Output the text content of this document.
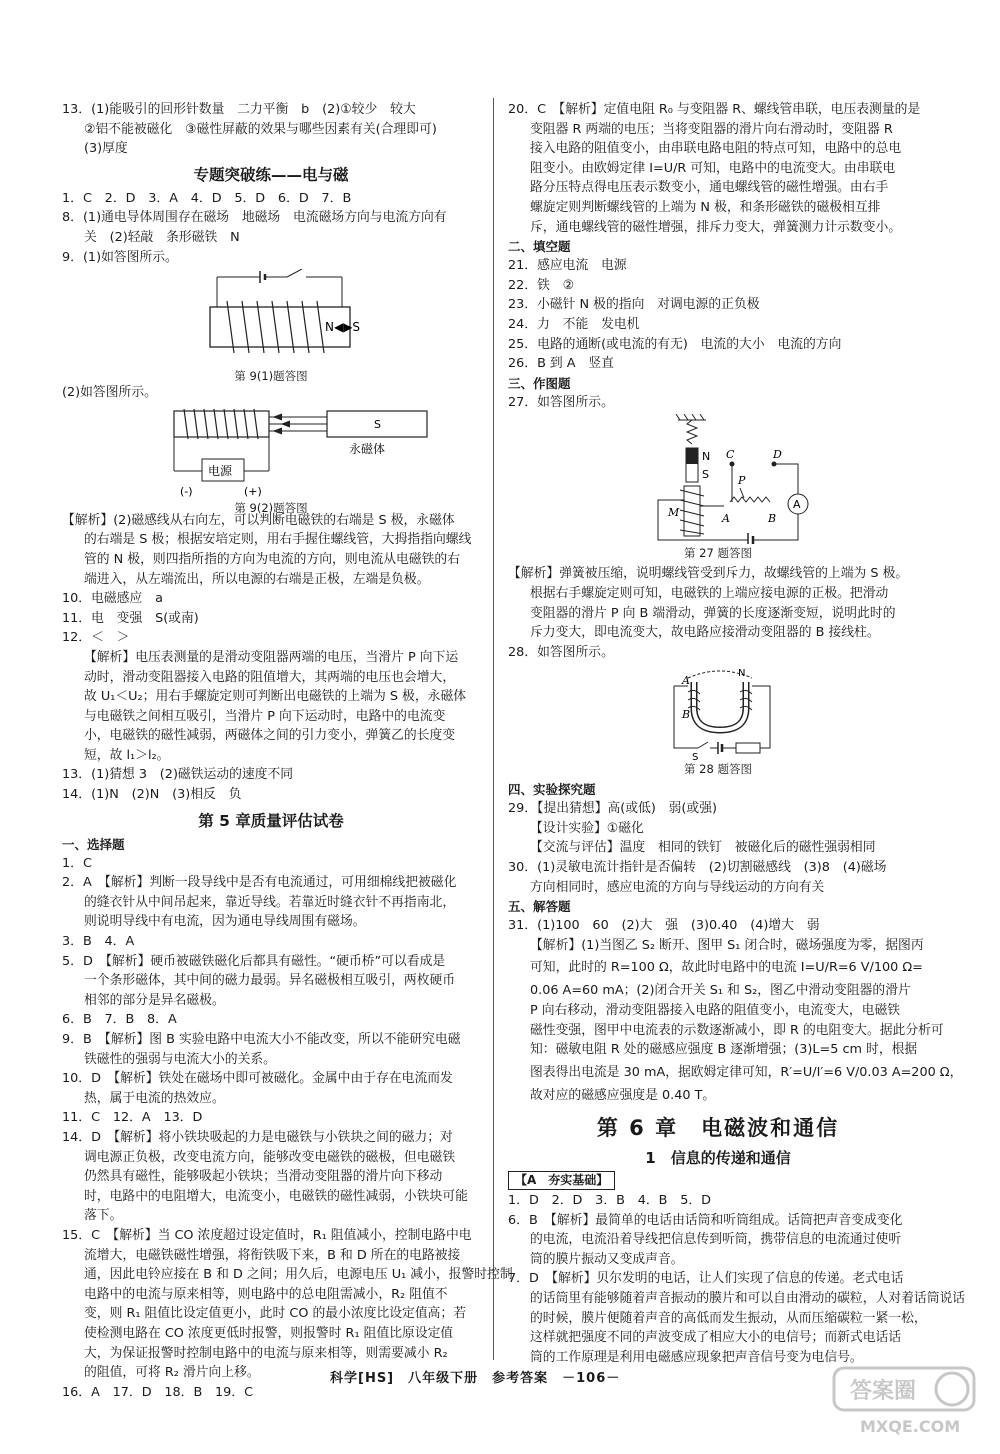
13．(1)能吸引的回形针数量　二力平衡　b　(2)①较少　较大
②铝不能被磁化　③磁性屏蔽的效果与哪些因素有关(合理即可)
(3)厚度
专题突破练——电与磁
1．C　2．D　3．A　4．D　5．D　6．D　7．B
8．(1)通电导体周围存在磁场　地磁场　电流磁场方向与电流方向有
关　(2)轻敲　条形磁铁　N
9．(1)如答图所示。
N◀▶S
第 9(1)题答图
(2)如答图所示。
S
永磁体
电源
(-)	(+)
第 9(2)题答图
【解析】(2)磁感线从右向左，可以判断电磁铁的右端是 S 极，永磁体
的右端是 S 极；根据安培定则，用右手握住螺线管，大拇指指向螺线
管的 N 极，则四指所指的方向为电流的方向，则电流从电磁铁的右
端进入，从左端流出，所以电源的右端是正极，左端是负极。
10．电磁感应　a
11．电　变强　S(或南)
12．＜　＞
【解析】电压表测量的是滑动变阻器两端的电压，当滑片 P 向下运
动时，滑动变阻器接入电路的阻值增大，其两端的电压也会增大，
故 U₁＜U₂；用右手螺旋定则可判断出电磁铁的上端为 S 极，永磁体
与电磁铁之间相互吸引，当滑片 P 向下运动时，电路中的电流变
小，电磁铁的磁性减弱，两磁体之间的引力变小，弹簧乙的长度变
短，故 l₁＞l₂。
13．(1)猜想 3　(2)磁铁运动的速度不同
14．(1)N　(2)N　(3)相反　负
第 5 章质量评估试卷
一、选择题
1．C
2．A　【解析】判断一段导线中是否有电流通过，可用细棉线把被磁化
的缝衣针从中间吊起来，靠近导线。若靠近时缝衣针不再指南北，
则说明导线中有电流，因为通电导线周围有磁场。
3．B　4．A
5．D　【解析】硬币被磁铁磁化后都具有磁性。“硬币桥”可以看成是
一个条形磁体，其中间的磁力最弱。异名磁极相互吸引，两枚硬币
相邻的部分是异名磁极。
6．B　7．B　8．A
9．B　【解析】图 B 实验电路中电流大小不能改变，所以不能研究电磁
铁磁性的强弱与电流大小的关系。
10．D　【解析】铁处在磁场中即可被磁化。金属中由于存在电流而发
热，属于电流的热效应。
11．C　12．A　13．D
14．D　【解析】将小铁块吸起的力是电磁铁与小铁块之间的磁力；对
调电源正负极，改变电流方向，能够改变电磁铁的磁极，但电磁铁
仍然具有磁性，能够吸起小铁块；当滑动变阻器的滑片向下移动
时，电路中的电阻增大，电流变小，电磁铁的磁性减弱，小铁块可能
落下。
15．C　【解析】当 CO 浓度超过设定值时，R₁ 阻值减小，控制电路中电
流增大，电磁铁磁性增强，将衔铁吸下来，B 和 D 所在的电路被接
通，因此电铃应接在 B 和 D 之间；用久后，电源电压 U₁ 减小，报警时控制
电路中的电流与原来相等，则电路中的总电阻需减小，R₂ 阻值不
变，则 R₁ 阻值比设定值更小，此时 CO 的最小浓度比设定值高；若
使检测电路在 CO 浓度更低时报警，则报警时 R₁ 阻值比原设定值
大，为保证报警时控制电路中的电流与原来相等，则需要减小 R₂
的阻值，可将 R₂ 滑片向上移。
16．A　17．D　18．B　19．C
20．C　【解析】定值电阻 R₀ 与变阻器 R、螺线管串联，电压表测量的是
变阻器 R 两端的电压；当将变阻器的滑片向右滑动时，变阻器 R
接入电路的阻值变小，由串联电路电阻的特点可知，电路中的总电
阻变小。由欧姆定律 I=U/R 可知，电路中的电流变大。由串联电
路分压特点得电压表示数变小，通电螺线管的磁性增强。由右手
螺旋定则判断螺线管的上端为 N 极，和条形磁铁的磁极相互排
斥，通电螺线管的磁性增强，排斥力变大，弹簧测力计示数变小。
二、填空题
21．感应电流　电源
22．铁　②
23．小磁针 N 极的指向　对调电源的正负极
24．力　不能　发电机
25．电路的通断(或电流的有无)　电流的大小　电流的方向
26．B 到 A　竖直
三、作图题
27．如答图所示。
N
S
M
A
C	D
P
A	B
第 27 题答图
【解析】弹簧被压缩，说明螺线管受到斥力，故螺线管的上端为 S 极。
根据右手螺旋定则可知，电磁铁的上端应接电源的正极。把滑动
变阻器的滑片 P 向 B 端滑动，弹簧的长度逐渐变短，说明此时的
斥力变大，即电流变大，故电路应接滑动变阻器的 B 接线柱。
28．如答图所示。
A
N
B
S
第 28 题答图
四、实验探究题
29．【提出猜想】高(或低)　弱(或强)
【设计实验】①磁化
【交流与评估】温度　相同的铁钉　被磁化后的磁性强弱相同
30．(1)灵敏电流计指针是否偏转　(2)切割磁感线　(3)8　(4)磁场
方向相同时，感应电流的方向与导线运动的方向有关
五、解答题
31．(1)100　60　(2)大　强　(3)0.40　(4)增大　弱
【解析】(1)当图乙 S₂ 断开、图甲 S₁ 闭合时，磁场强度为零，据图丙
可知，此时的 R=100 Ω，故此时电路中的电流 I=U/R=6 V/100 Ω=
0.06 A=60 mA；(2)闭合开关 S₁ 和 S₂，图乙中滑动变阻器的滑片
P 向右移动，滑动变阻器接入电路的阻值变小，电流变大，电磁铁
磁性变强，图甲中电流表的示数逐渐减小，即 R 的电阻变大。据此分析可
知：磁敏电阻 R 处的磁感应强度 B 逐渐增强；(3)L=5 cm 时，根据
图表得出电流是 30 mA，据欧姆定律可知，R′=U/I′=6 V/0.03 A=200 Ω，
故对应的磁感应强度是 0.40 T。
第 6 章　电磁波和通信
1　信息的传递和通信
【A　夯实基础】
1．D　2．D　3．B　4．B　5．D
6．B　【解析】最简单的电话由话筒和听筒组成。话筒把声音变成变化
的电流，电流沿着导线把信息传到听筒，携带信息的电流通过使听
筒的膜片振动又变成声音。
7．D　【解析】贝尔发明的电话，让人们实现了信息的传递。老式电话
的话筒里有能够随着声音振动的膜片和可以自由滑动的碳粒，人对着话筒说话
的时候，膜片便随着声音的高低而发生振动，从而压缩碳粒一紧一松，
这样就把强度不同的声波变成了相应大小的电信号；而新式电话话
筒的工作原理是利用电磁感应现象把声音信号变为电信号。
科学[HS]　八年级下册　参考答案　－106－
答案圈
MXQE.COM
